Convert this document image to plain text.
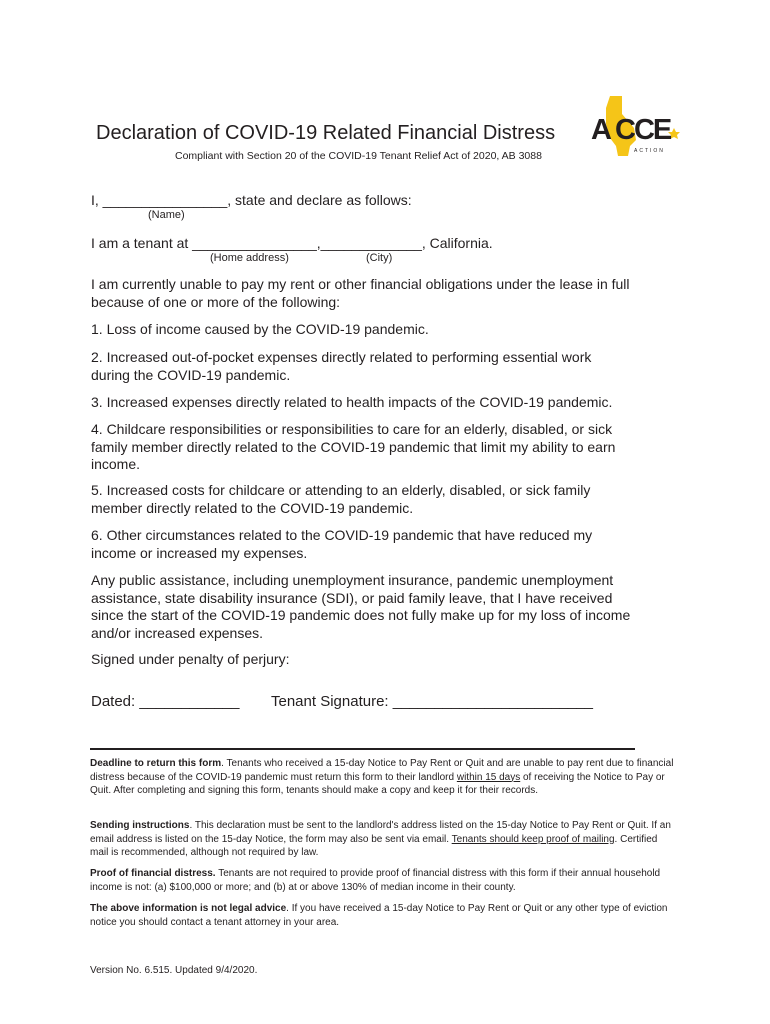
Declaration of COVID-19 Related Financial Distress
Compliant with Section 20 of the COVID-19 Tenant Relief Act of 2020, AB 3088
A CCE
ACTION
I, ________________, state and declare as follows:
(Name)
I am a tenant at ________________,_____________, California.
(Home address)	(City)
I am currently unable to pay my rent or other financial obligations under the lease in full because of one or more of the following:
1. Loss of income caused by the COVID-19 pandemic.
2. Increased out-of-pocket expenses directly related to performing essential work during the COVID-19 pandemic.
3. Increased expenses directly related to health impacts of the COVID-19 pandemic.
4. Childcare responsibilities or responsibilities to care for an elderly, disabled, or sick family member directly related to the COVID-19 pandemic that limit my ability to earn income.
5. Increased costs for childcare or attending to an elderly, disabled, or sick family member directly related to the COVID-19 pandemic.
6. Other circumstances related to the COVID-19 pandemic that have reduced my income or increased my expenses.
Any public assistance, including unemployment insurance, pandemic unemployment assistance, state disability insurance (SDI), or paid family leave, that I have received since the start of the COVID-19 pandemic does not fully make up for my loss of income and/or increased expenses.
Signed under penalty of perjury:
Dated: ____________ Tenant Signature: ________________________
Deadline to return this form. Tenants who received a 15-day Notice to Pay Rent or Quit and are unable to pay rent due to financial distress because of the COVID-19 pandemic must return this form to their landlord within 15 days of receiving the Notice to Pay or Quit. After completing and signing this form, tenants should make a copy and keep it for their records.
Sending instructions. This declaration must be sent to the landlord's address listed on the 15-day Notice to Pay Rent or Quit. If an email address is listed on the 15-day Notice, the form may also be sent via email. Tenants should keep proof of mailing. Certified mail is recommended, although not required by law.
Proof of financial distress. Tenants are not required to provide proof of financial distress with this form if their annual household income is not: (a) $100,000 or more; and (b) at or above 130% of median income in their county.
The above information is not legal advice. If you have received a 15-day Notice to Pay Rent or Quit or any other type of eviction notice you should contact a tenant attorney in your area.
Version No. 6.515. Updated 9/4/2020.
